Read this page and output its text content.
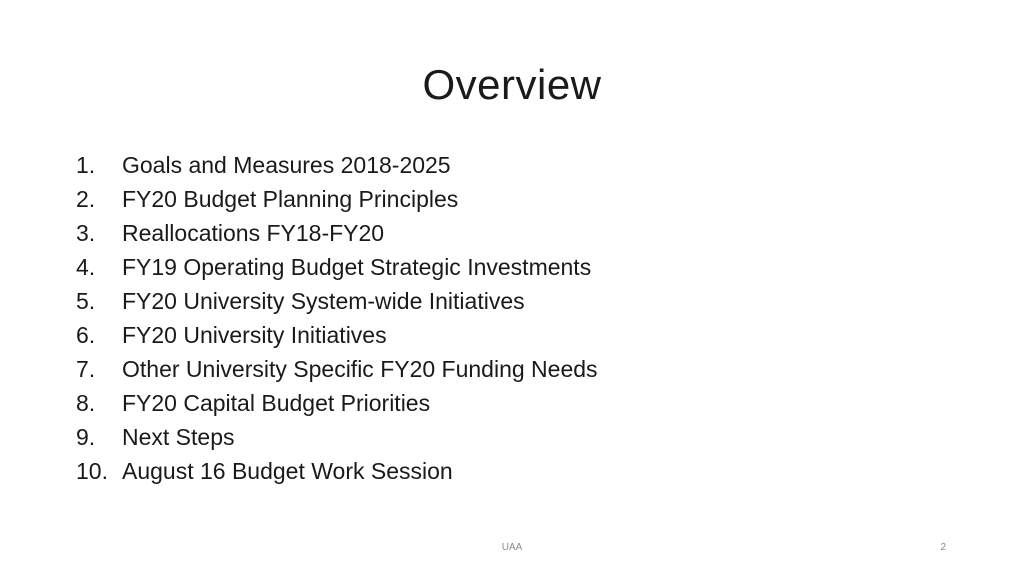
Overview
1.	Goals and Measures 2018-2025
2.	FY20 Budget Planning Principles
3.	Reallocations FY18-FY20
4.	FY19 Operating Budget Strategic Investments
5.	FY20 University System-wide Initiatives
6.	FY20 University Initiatives
7.	Other University Specific FY20 Funding Needs
8.	FY20 Capital Budget Priorities
9.	Next Steps
10. August 16 Budget Work Session
UAA	2
